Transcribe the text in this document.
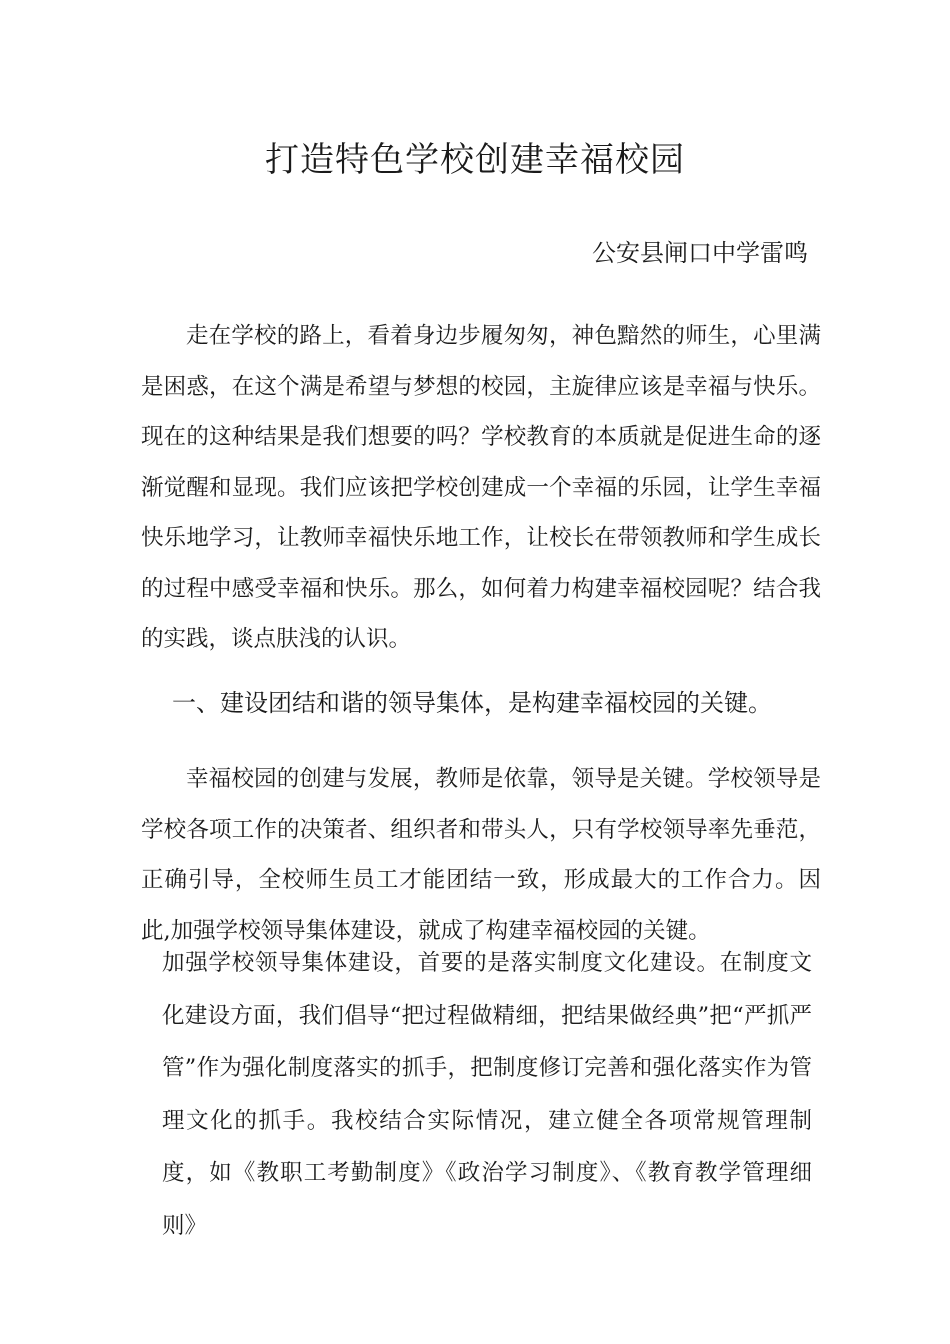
打造特色学校创建幸福校园

公安县闸口中学雷鸣

走在学校的路上，看着身边步履匆匆，神色黯然的师生，心里满是困惑，在这个满是希望与梦想的校园，主旋律应该是幸福与快乐。现在的这种结果是我们想要的吗？学校教育的本质就是促进生命的逐渐觉醒和显现。我们应该把学校创建成一个幸福的乐园，让学生幸福快乐地学习，让教师幸福快乐地工作，让校长在带领教师和学生成长的过程中感受幸福和快乐。那么，如何着力构建幸福校园呢？结合我的实践，谈点肤浅的认识。

一、建设团结和谐的领导集体，是构建幸福校园的关键。

幸福校园的创建与发展，教师是依靠，领导是关键。学校领导是学校各项工作的决策者、组织者和带头人，只有学校领导率先垂范，正确引导，全校师生员工才能团结一致，形成最大的工作合力。因此,加强学校领导集体建设，就成了构建幸福校园的关键。

加强学校领导集体建设，首要的是落实制度文化建设。在制度文化建设方面，我们倡导“把过程做精细，把结果做经典”把“严抓严管”作为强化制度落实的抓手，把制度修订完善和强化落实作为管理文化的抓手。我校结合实际情况，建立健全各项常规管理制度，如《教职工考勤制度》《政治学习制度》、《教育教学管理细则》
